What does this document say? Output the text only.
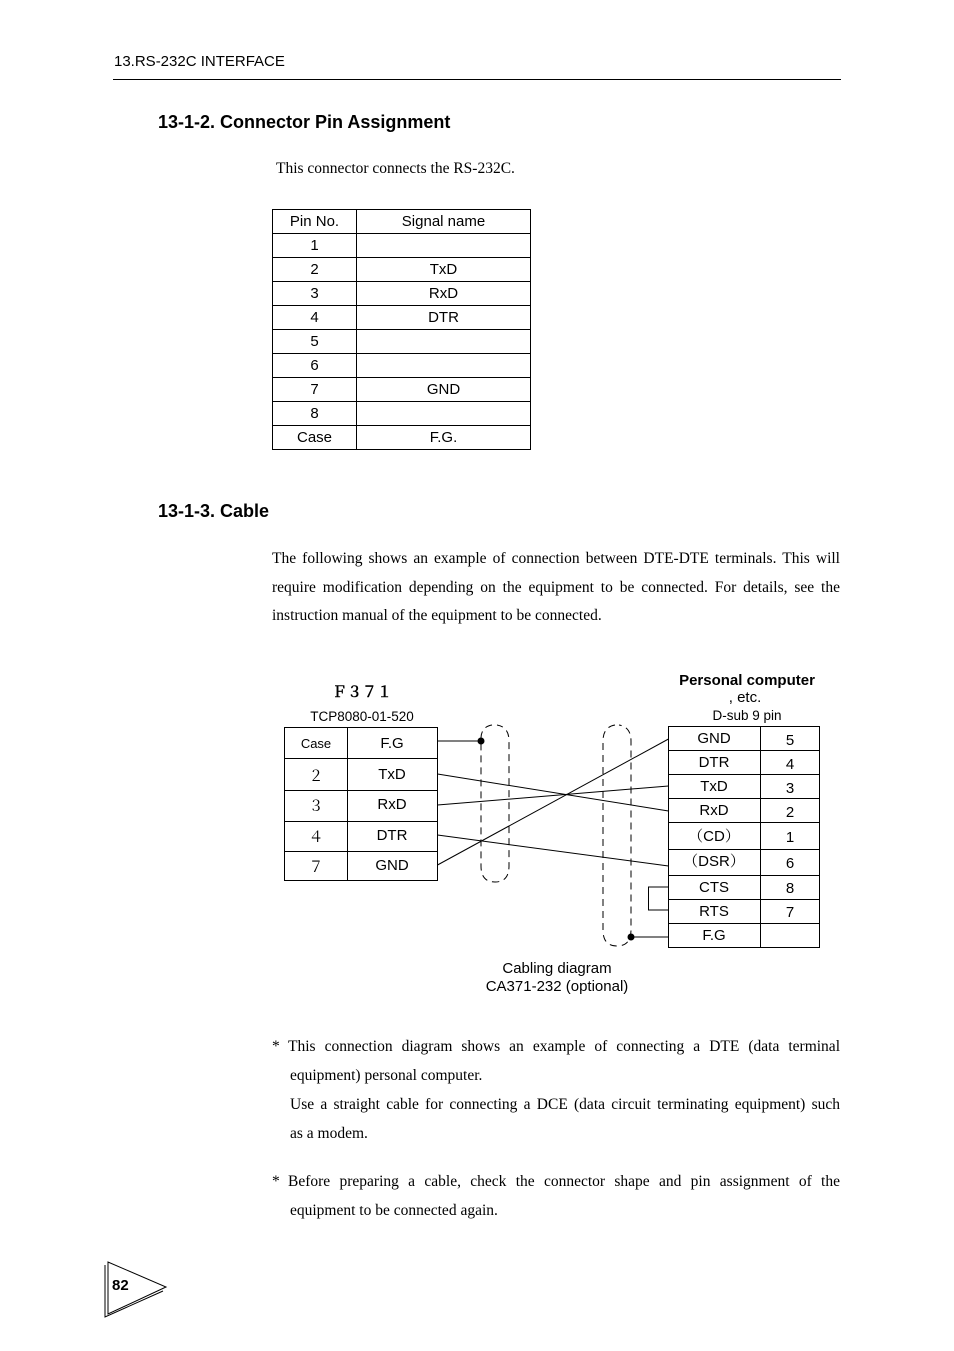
13.RS-232C INTERFACE
13-1-2. Connector Pin Assignment
This connector connects the RS-232C.
Pin No.	Signal name
1	
2	TxD
3	RxD
4	DTR
5	
6	
7	GND
8	
Case	F.G.
13-1-3. Cable
The following shows an example of connection between DTE-DTE terminals. This will
require modification depending on the equipment to be connected. For details, see the
instruction manual of the equipment to be connected.
Ｆ３７１
TCP8080-01-520
Case	F.G
２	TxD
３	RxD
４	DTR
７	GND
Personal computer
, etc.
D-sub 9 pin
GND	5
DTR	4
TxD	3
RxD	2
（CD）	1
（DSR）	6
CTS	8
RTS	7
F.G
Cabling diagram
CA371-232 (optional)
* This connection diagram shows an example of connecting a DTE (data terminal
equipment) personal computer.
Use a straight cable for connecting a DCE (data circuit terminating equipment) such
as a modem.
* Before preparing a cable, check the connector shape and pin assignment of the
equipment to be connected again.
82
